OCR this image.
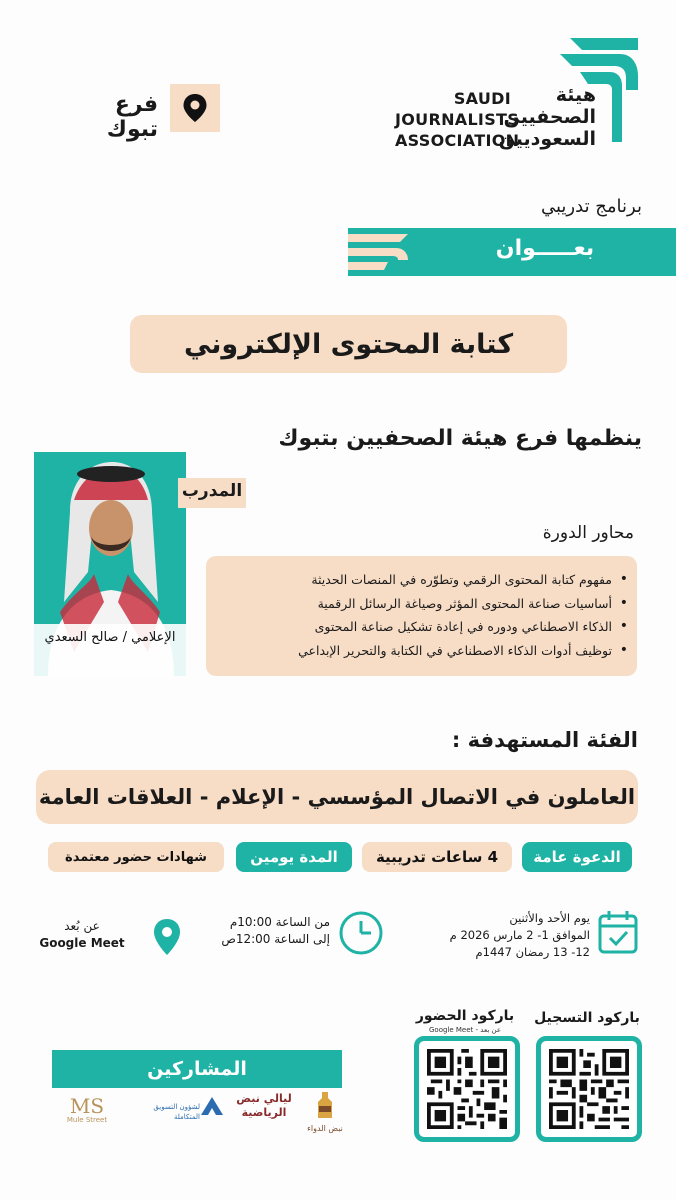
فرع تبوك
SAUDI
JOURNALISTS
ASSOCIATION
هيئة
الصحفيين
السعوديين
برنامج تدريبي
بعـــــوان
كتابة المحتوى الإلكتروني
ينظمها فرع هيئة الصحفيين بتبوك
المدرب
الإعلامي / صالح السعدي
محاور الدورة
• مفهوم كتابة المحتوى الرقمي وتطوّره في المنصات الحديثة
• أساسيات صناعة المحتوى المؤثر وصياغة الرسائل الرقمية
• الذكاء الاصطناعي ودوره في إعادة تشكيل صناعة المحتوى
• توظيف أدوات الذكاء الاصطناعي في الكتابة والتحرير الإبداعي
الفئة المستهدفة :
العاملون في الاتصال المؤسسي - الإعلام - العلاقات العامة
الدعوة عامة
4 ساعات تدريبية
المدة يومين
شهادات حضور معتمدة
يوم الأحد والأثنين
الموافق 1- 2 مارس 2026 م
12- 13 رمضان 1447م
من الساعة 10:00م
إلى الساعة 12:00ص
عن بُعد
Google Meet
باركود التسجيل
باركود الحضور
عن بعد - Google Meet
المشاركين
نبض الدواء
ليالي نبض الرياضية
لشؤون التسويق المتكاملة
MS
Mule Street
